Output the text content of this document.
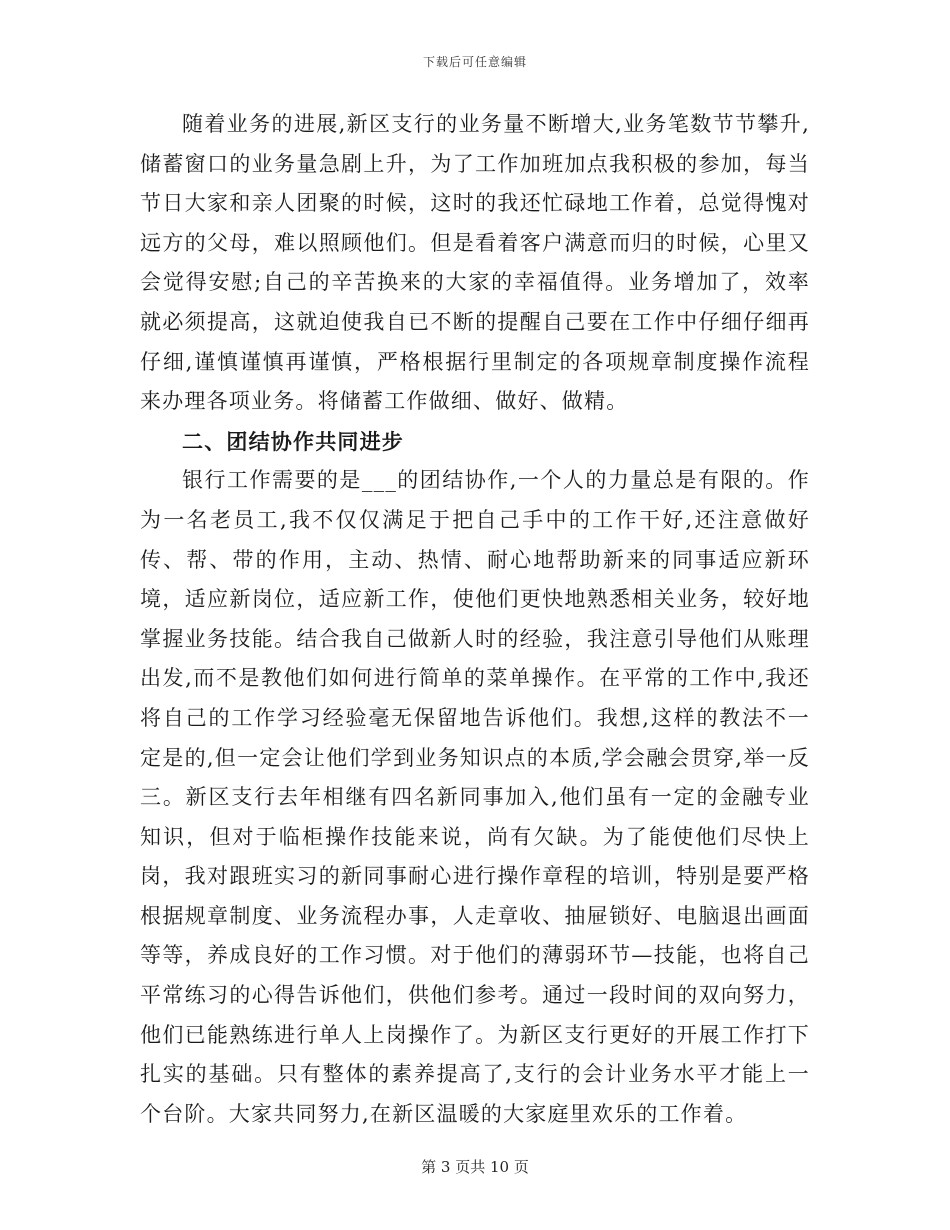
下载后可任意编辑

随着业务的进展,新区支行的业务量不断增大,业务笔数节节攀升,储蓄窗口的业务量急剧上升，为了工作加班加点我积极的参加，每当节日大家和亲人团聚的时候，这时的我还忙碌地工作着，总觉得愧对远方的父母，难以照顾他们。但是看着客户满意而归的时候，心里又会觉得安慰;自己的辛苦换来的大家的幸福值得。业务增加了，效率就必须提高，这就迫使我自已不断的提醒自己要在工作中仔细仔细再仔细,谨慎谨慎再谨慎，严格根据行里制定的各项规章制度操作流程来办理各项业务。将储蓄工作做细、做好、做精。

二、团结协作共同进步

银行工作需要的是___的团结协作,一个人的力量总是有限的。作为一名老员工,我不仅仅满足于把自己手中的工作干好,还注意做好传、帮、带的作用，主动、热情、耐心地帮助新来的同事适应新环境，适应新岗位，适应新工作，使他们更快地熟悉相关业务，较好地掌握业务技能。结合我自己做新人时的经验，我注意引导他们从账理出发,而不是教他们如何进行简单的菜单操作。在平常的工作中,我还将自己的工作学习经验毫无保留地告诉他们。我想,这样的教法不一定是的,但一定会让他们学到业务知识点的本质,学会融会贯穿,举一反三。新区支行去年相继有四名新同事加入,他们虽有一定的金融专业知识，但对于临柜操作技能来说，尚有欠缺。为了能使他们尽快上岗，我对跟班实习的新同事耐心进行操作章程的培训，特别是要严格根据规章制度、业务流程办事，人走章收、抽屉锁好、电脑退出画面等等，养成良好的工作习惯。对于他们的薄弱环节—技能，也将自己平常练习的心得告诉他们，供他们参考。通过一段时间的双向努力，他们已能熟练进行单人上岗操作了。为新区支行更好的开展工作打下扎实的基础。只有整体的素养提高了,支行的会计业务水平才能上一个台阶。大家共同努力,在新区温暖的大家庭里欢乐的工作着。

第 3 页共 10 页
